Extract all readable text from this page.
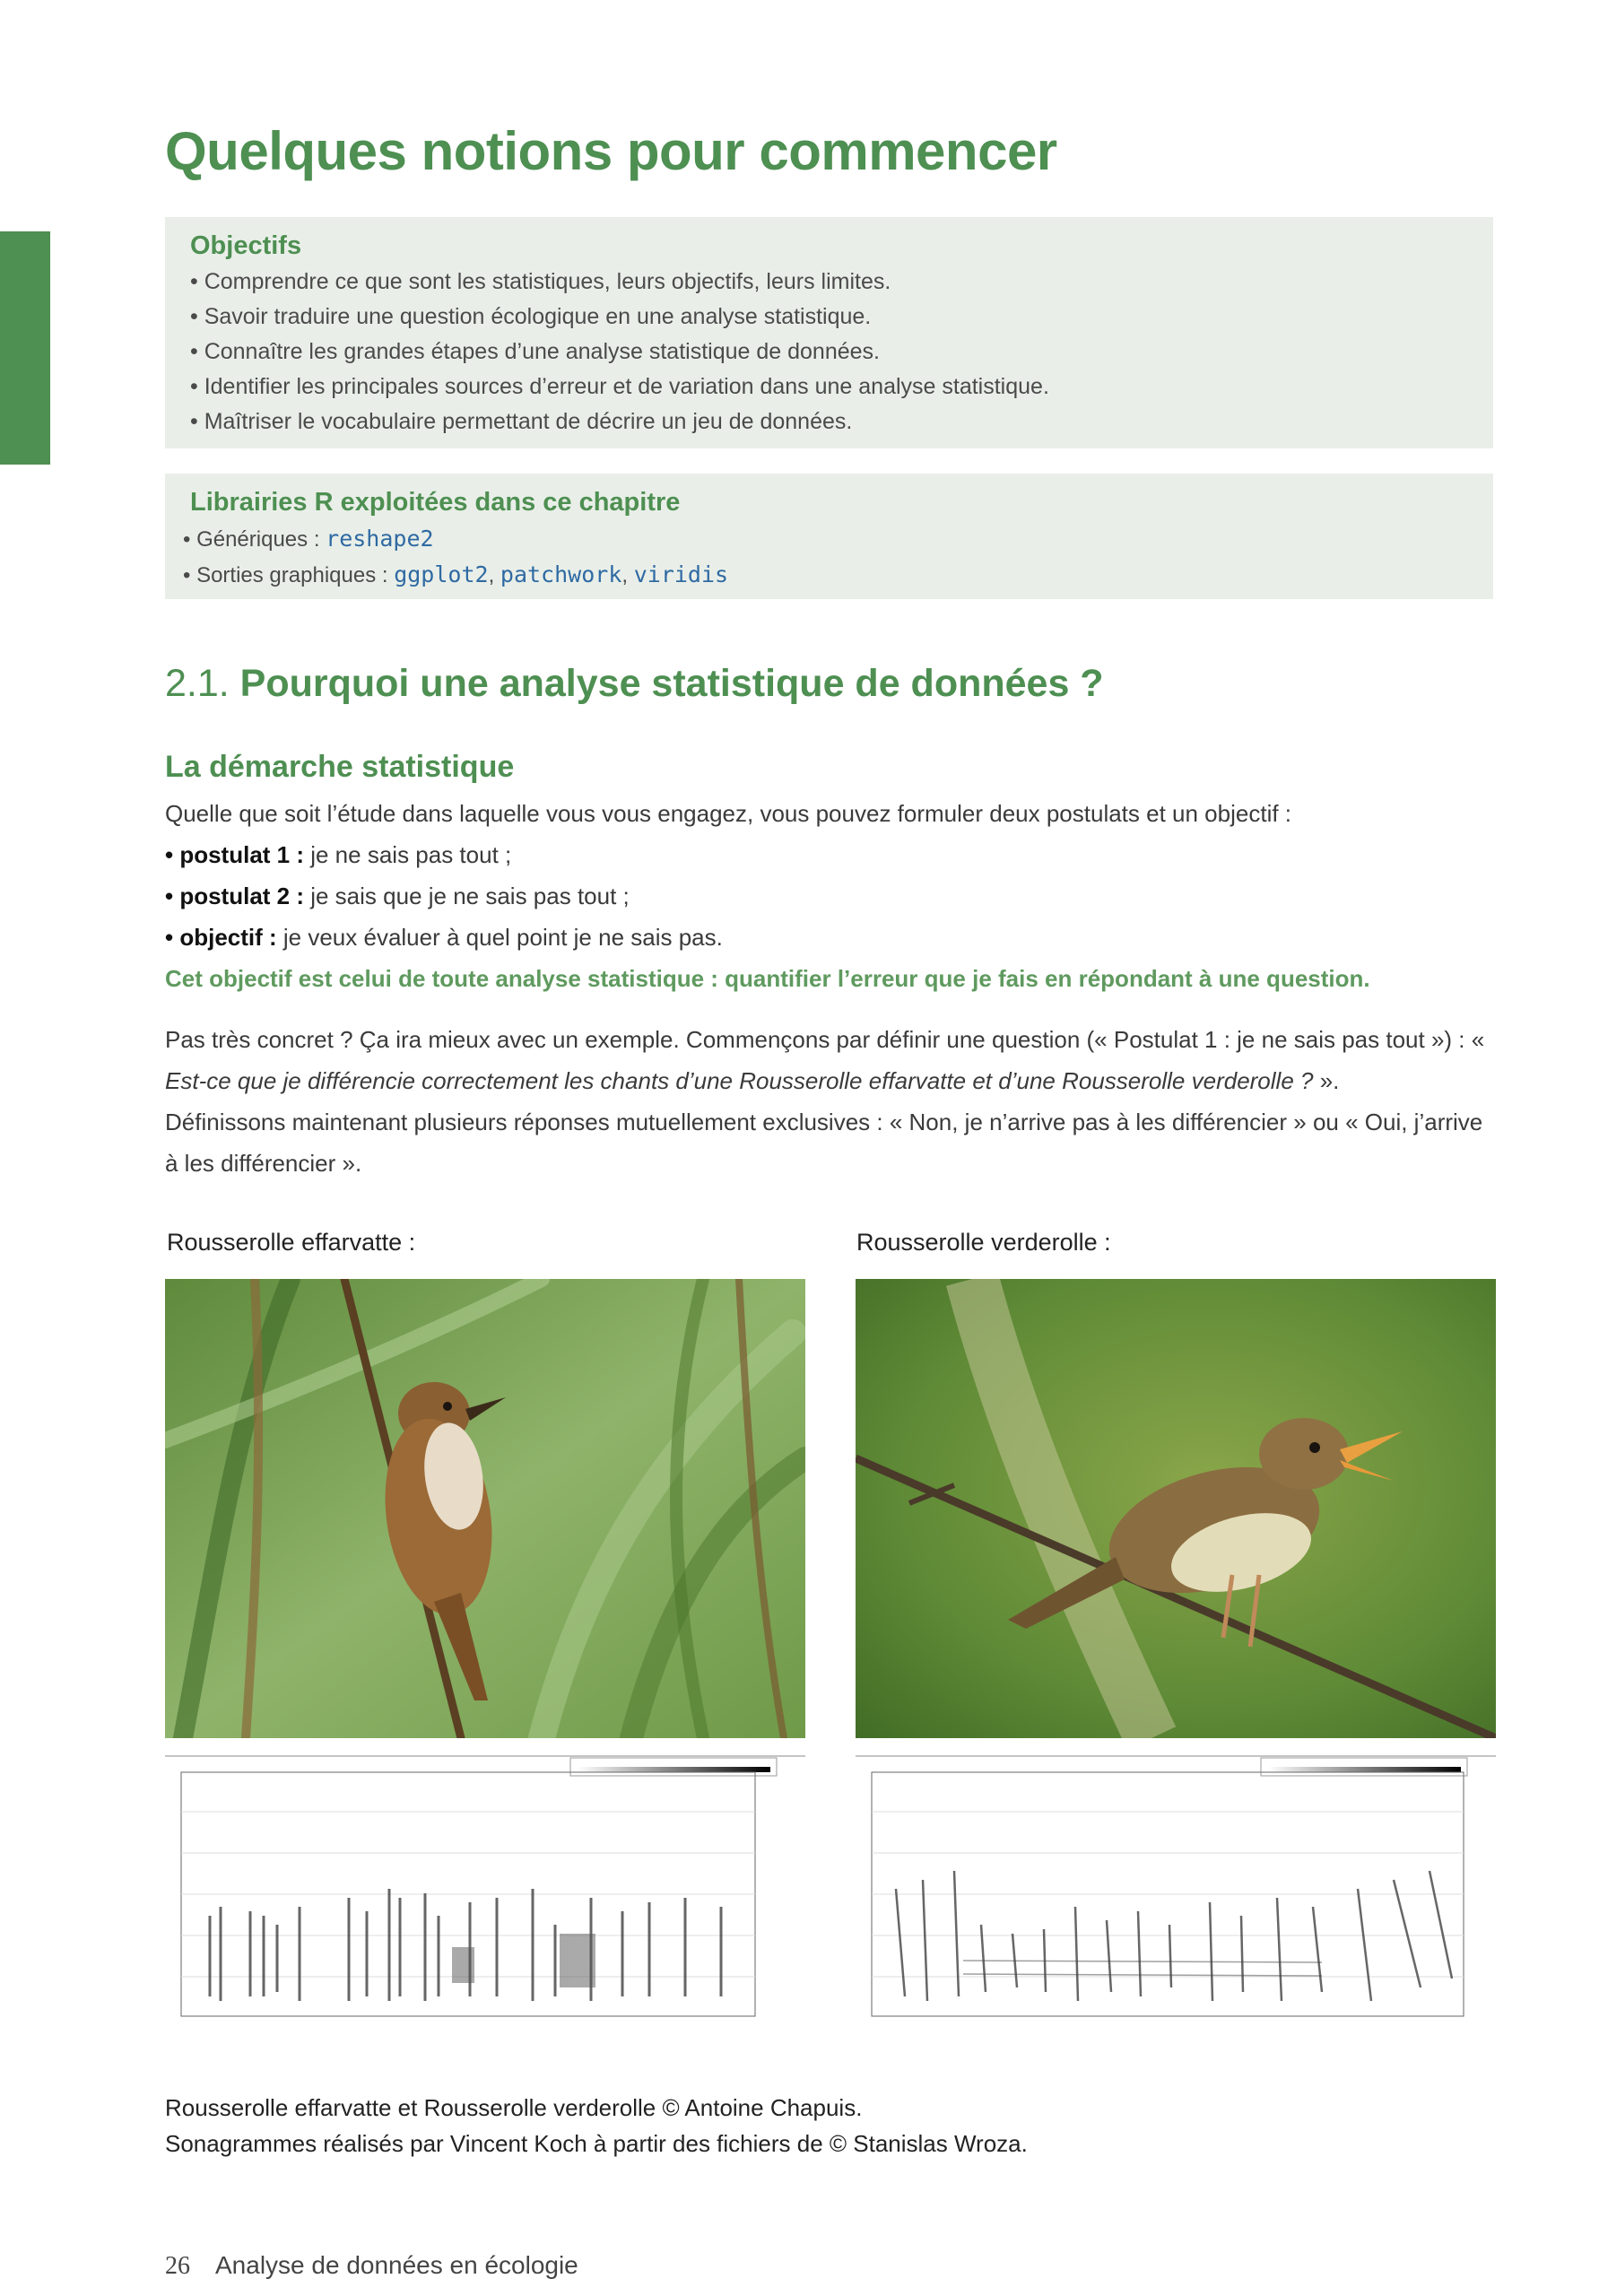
Quelques notions pour commencer
Objectifs
• Comprendre ce que sont les statistiques, leurs objectifs, leurs limites.
• Savoir traduire une question écologique en une analyse statistique.
• Connaître les grandes étapes d’une analyse statistique de données.
• Identifier les principales sources d’erreur et de variation dans une analyse statistique.
• Maîtriser le vocabulaire permettant de décrire un jeu de données.
Librairies R exploitées dans ce chapitre
• Génériques : reshape2
• Sorties graphiques : ggplot2, patchwork, viridis
2.1. Pourquoi une analyse statistique de données ?
La démarche statistique

Quelle que soit l’étude dans laquelle vous vous engagez, vous pouvez formuler deux postulats et un objectif :

• postulat 1 : je ne sais pas tout ;

• postulat 2 : je sais que je ne sais pas tout ;

• objectif : je veux évaluer à quel point je ne sais pas.

Cet objectif est celui de toute analyse statistique : quantifier l’erreur que je fais en répondant à une question.

Pas très concret ? Ça ira mieux avec un exemple. Commençons par définir une question (« Postulat 1 : je ne sais pas tout ») : « Est-ce que je différencie correctement les chants d’une Rousserolle effarvatte et d’une Rousserolle verderolle ? ».

Définissons maintenant plusieurs réponses mutuellement exclusives : « Non, je n’arrive pas à les différencier » ou « Oui, j’arrive à les différencier ».

Rousserolle effarvatte :	Rousserolle verderolle :
Rousserolle effarvatte et Rousserolle verderolle © Antoine Chapuis.
Sonagrammes réalisés par Vincent Koch à partir des fichiers de © Stanislas Wroza.
26 Analyse de données en écologie
